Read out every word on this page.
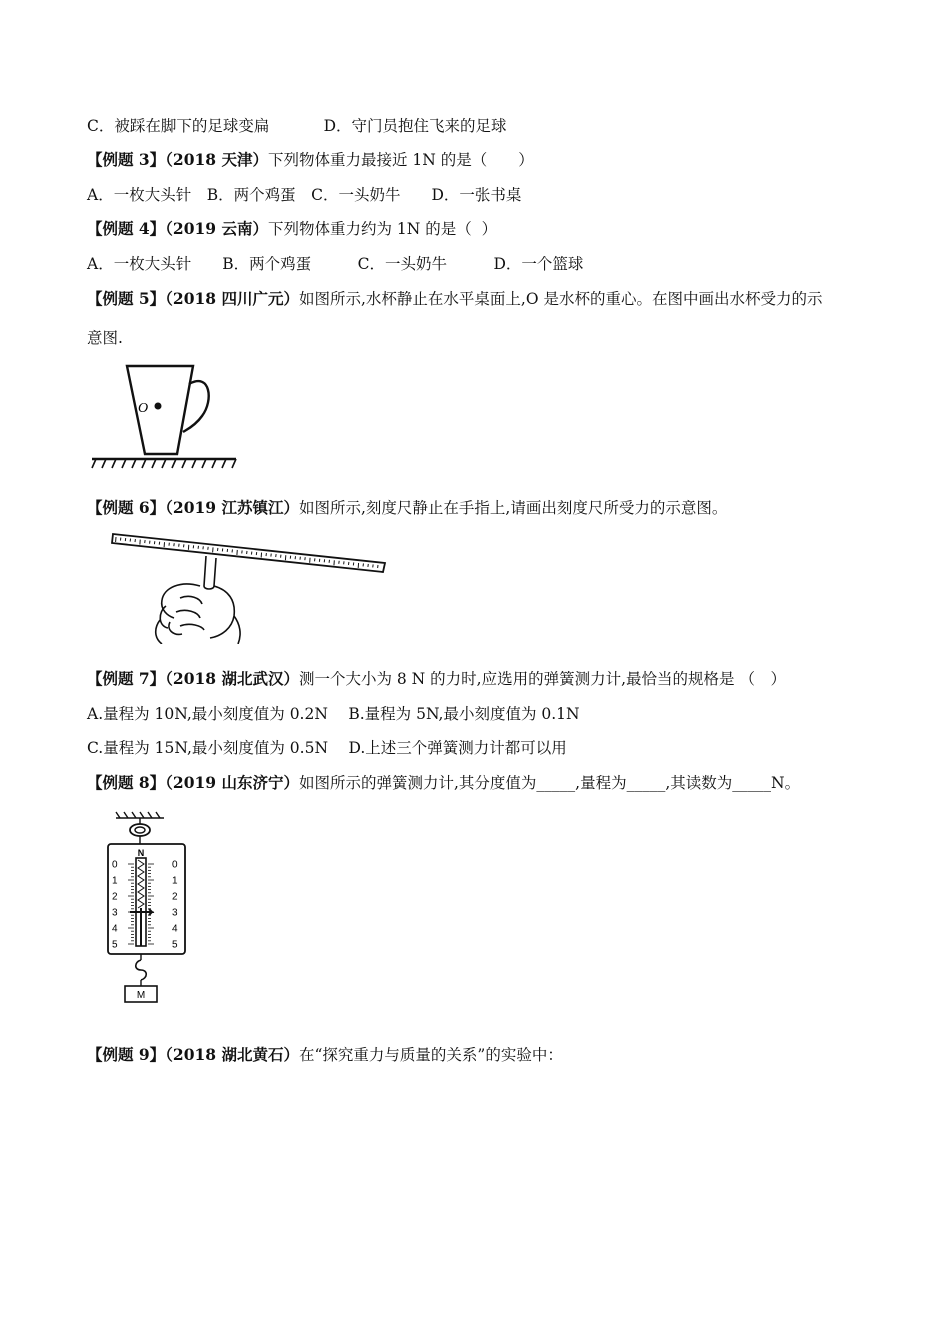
C．被踩在脚下的足球变扁	D．守门员抱住飞来的足球
【例题 3】（2018 天津）下列物体重力最接近 1N 的是（　　）
A．一枚大头针　B．两个鸡蛋　C．一头奶牛　　D．一张书桌
【例题 4】（2019 云南）下列物体重力约为 1N 的是（  ）
A．一枚大头针　　B．两个鸡蛋　　　C．一头奶牛　　　D．一个篮球
【例题 5】（2018 四川广元）如图所示,水杯静止在水平桌面上,O 是水杯的重心。在图中画出水杯受力的示
意图.
O
【例题 6】（2019 江苏镇江）如图所示,刻度尺静止在手指上,请画出刻度尺所受力的示意图。
【例题 7】（2018 湖北武汉）测一个大小为 8 N 的力时,应选用的弹簧测力计,最恰当的规格是 （　）
A.量程为 10N,最小刻度值为 0.2N　 B.量程为 5N,最小刻度值为 0.1N
C.量程为 15N,最小刻度值为 0.5N　 D.上述三个弹簧测力计都可以用
【例题 8】（2019 山东济宁）如图所示的弹簧测力计,其分度值为_____,量程为_____,其读数为_____N。
N
0	0
1	1
2	2
3	3
4	4
5	5
M
【例题 9】（2018 湖北黄石）在“探究重力与质量的关系”的实验中：
